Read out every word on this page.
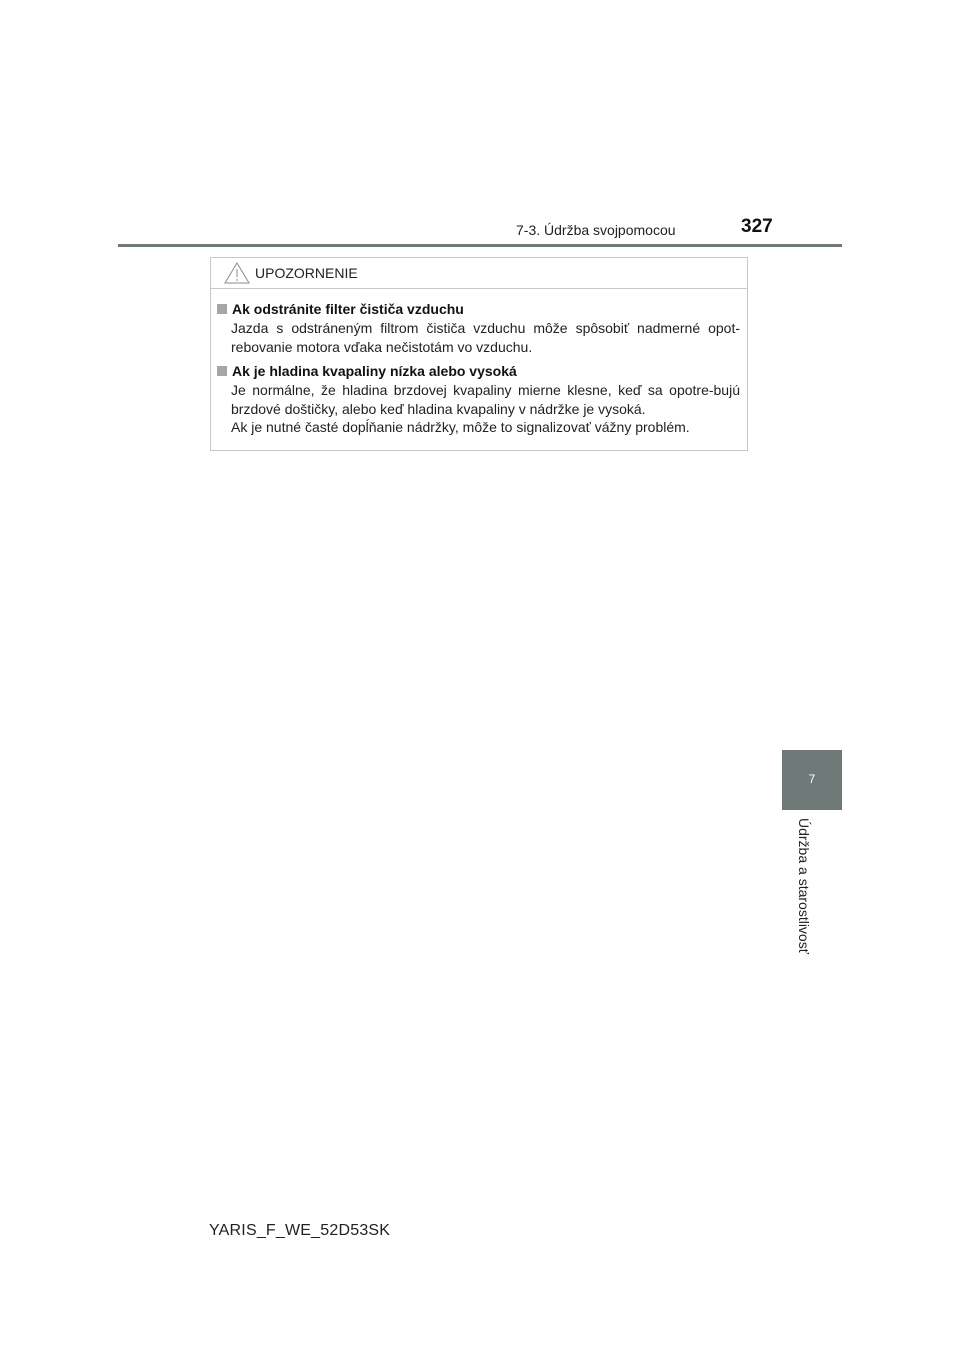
7-3. Údržba svojpomocou	327
7
Údržba a starostlivosť
UPOZORNENIE
Ak odstránite filter čističa vzduchu

Jazda s odstráneným filtrom čističa vzduchu môže spôsobiť nadmerné opot-rebovanie motora vďaka nečistotám vo vzduchu.

Ak je hladina kvapaliny nízka alebo vysoká

Je normálne, že hladina brzdovej kvapaliny mierne klesne, keď sa opotre-bujú brzdové doštičky, alebo keď hladina kvapaliny v nádržke je vysoká.

Ak je nutné časté dopĺňanie nádržky, môže to signalizovať vážny problém.

YARIS_F_WE_52D53SK
